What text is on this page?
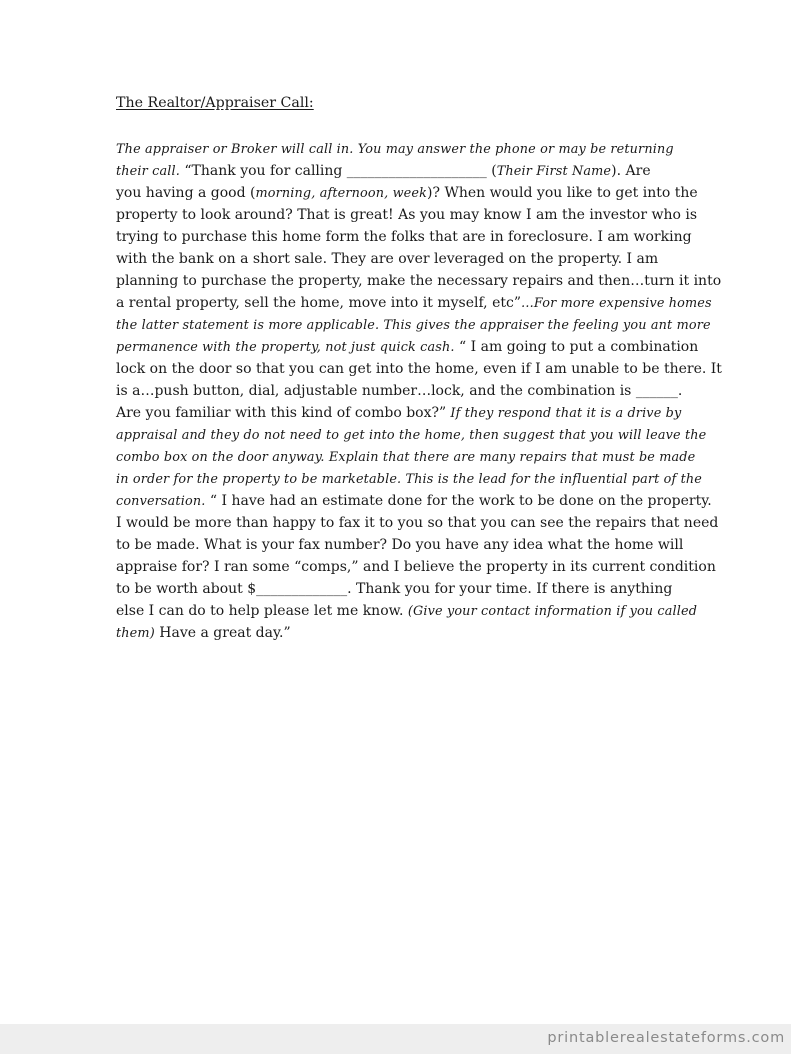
The Realtor/Appraiser Call:
The appraiser or Broker will call in. You may answer the phone or may be returning
their call. “Thank you for calling ____________________ (Their First Name). Are
you having a good (morning, afternoon, week)? When would you like to get into the
property to look around? That is great! As you may know I am the investor who is
trying to purchase this home form the folks that are in foreclosure. I am working
with the bank on a short sale. They are over leveraged on the property. I am
planning to purchase the property, make the necessary repairs and then…turn it into
a rental property, sell the home, move into it myself, etc”…For more expensive homes
the latter statement is more applicable. This gives the appraiser the feeling you ant more
permanence with the property, not just quick cash. “ I am going to put a combination
lock on the door so that you can get into the home, even if I am unable to be there. It
is a…push button, dial, adjustable number…lock, and the combination is ______.
Are you familiar with this kind of combo box?” If they respond that it is a drive by
appraisal and they do not need to get into the home, then suggest that you will leave the
combo box on the door anyway. Explain that there are many repairs that must be made
in order for the property to be marketable. This is the lead for the influential part of the
conversation. “ I have had an estimate done for the work to be done on the property.
I would be more than happy to fax it to you so that you can see the repairs that need
to be made. What is your fax number? Do you have any idea what the home will
appraise for? I ran some “comps,” and I believe the property in its current condition
to be worth about $_____________. Thank you for your time. If there is anything
else I can do to help please let me know. (Give your contact information if you called
them) Have a great day.”
printablerealestateforms.com
